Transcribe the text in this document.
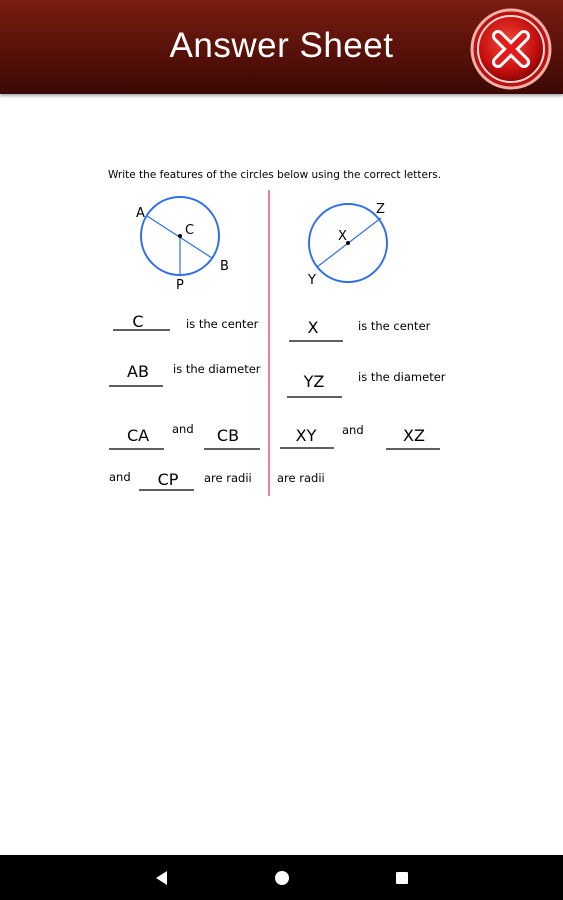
Answer Sheet
Write the features of the circles below using the correct letters.
A
C
B
P
X
Z
Y
C	is the center
AB is the diameter
CA and CB
and CP are radii
X	is the center
YZ	is the diameter
XY and XZ
are radii
